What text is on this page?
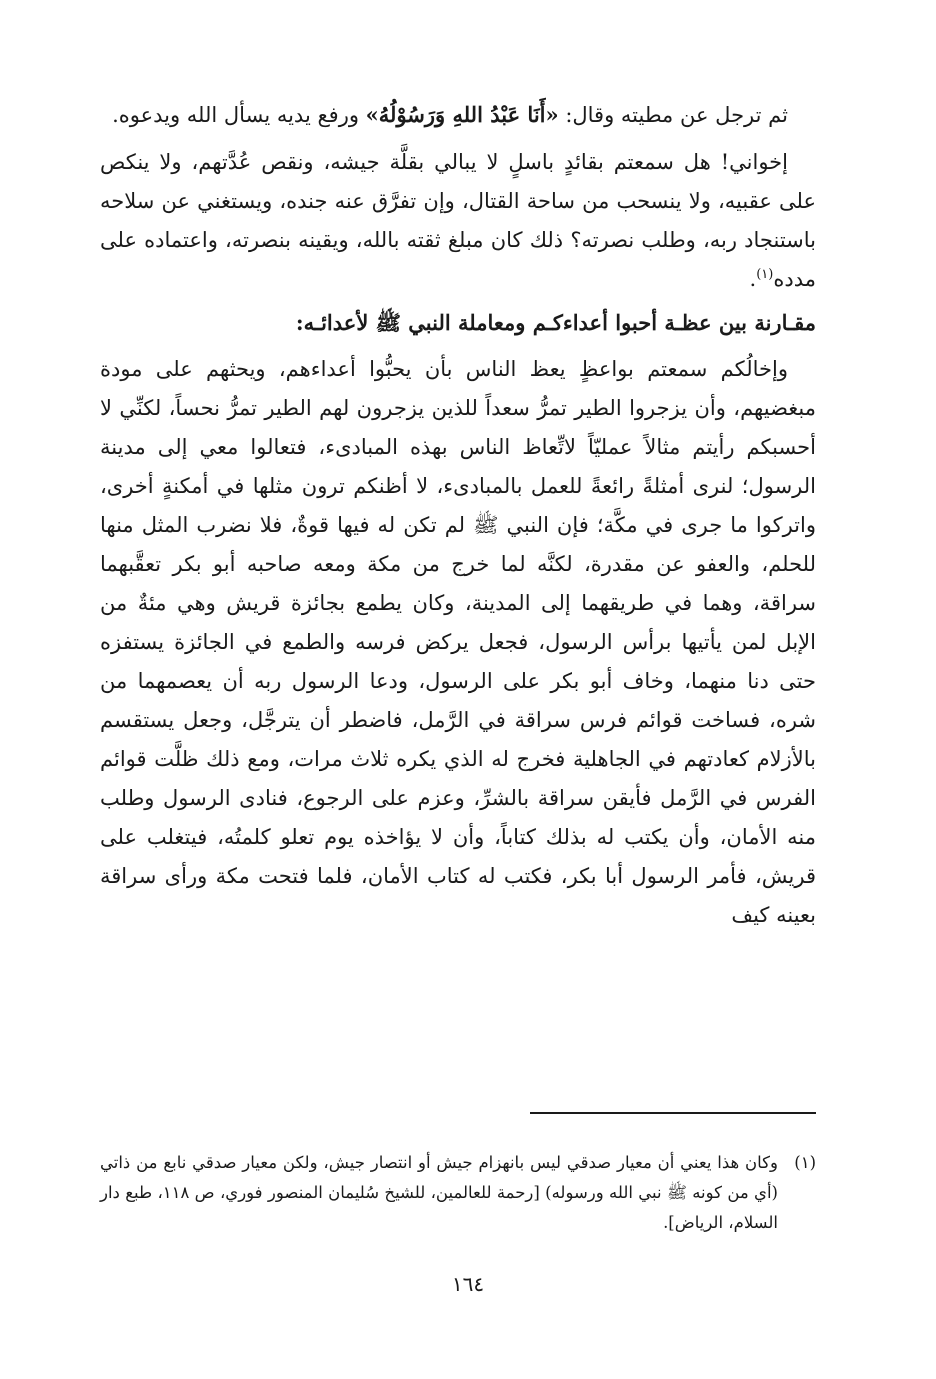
ثم ترجل عن مطيته وقال: «أَنَا عَبْدُ اللهِ وَرَسُوْلُهُ» ورفع يديه يسأل الله ويدعوه.

إخواني! هل سمعتم بقائدٍ باسلٍ لا يبالي بقلَّة جيشه، ونقص عُدَّتهم، ولا ينكص على عقبيه، ولا ينسحب من ساحة القتال، وإن تفرَّق عنه جنده، ويستغني عن سلاحه باستنجاد ربه، وطلب نصرته؟ ذلك كان مبلغ ثقته بالله، ويقينه بنصرته، واعتماده على مدده$^{(١)}$.

مقـارنة بين عظـة أحبوا أعداءكـم ومعاملة النبي ﷺ لأعدائـه:

وإخالُكم سمعتم بواعظٍ يعظ الناس بأن يحبُّوا أعداءهم، ويحثهم على مودة مبغضيهم، وأن يزجروا الطير تمرُّ سعداً للذين يزجرون لهم الطير تمرُّ نحساً، لكنِّي لا أحسبكم رأيتم مثالاً عمليّاً لاتِّعاظ الناس بهذه المبادىء، فتعالوا معي إلى مدينة الرسول؛ لنرى أمثلةً رائعةً للعمل بالمبادىء، لا أظنكم ترون مثلها في أمكنةٍ أخرى، واتركوا ما جرى في مكَّة؛ فإن النبي ﷺ لم تكن له فيها قوةٌ، فلا نضرب المثل منها للحلم، والعفو عن مقدرة، لكنَّه لما خرج من مكة ومعه صاحبه أبو بكر تعقَّبهما سراقة، وهما في طريقهما إلى المدينة، وكان يطمع بجائزة قريش وهي مئةٌ من الإبل لمن يأتيها برأس الرسول، فجعل يركض فرسه والطمع في الجائزة يستفزه حتى دنا منهما، وخاف أبو بكر على الرسول، ودعا الرسول ربه أن يعصمهما من شره، فساخت قوائم فرس سراقة في الرَّمل، فاضطر أن يترجَّل، وجعل يستقسم بالأزلام كعادتهم في الجاهلية فخرج له الذي يكره ثلاث مرات، ومع ذلك ظلَّت قوائم الفرس في الرَّمل فأيقن سراقة بالشرِّ، وعزم على الرجوع، فنادى الرسول وطلب منه الأمان، وأن يكتب له بذلك كتاباً، وأن لا يؤاخذه يوم تعلو كلمتُه، فيتغلب على قريش، فأمر الرسول أبا بكر، فكتب له كتاب الأمان، فلما فتحت مكة ورأى سراقة بعينه كيف

(١)
وكان هذا يعني أن معيار صدقي ليس بانهزام جيش أو انتصار جيش، ولكن معيار صدقي نابع من ذاتي (أي من كونه ﷺ نبي الله ورسوله) [رحمة للعالمين، للشيخ سُليمان المنصور فوري، ص ١١٨، طبع دار السلام، الرياض].
١٦٤
